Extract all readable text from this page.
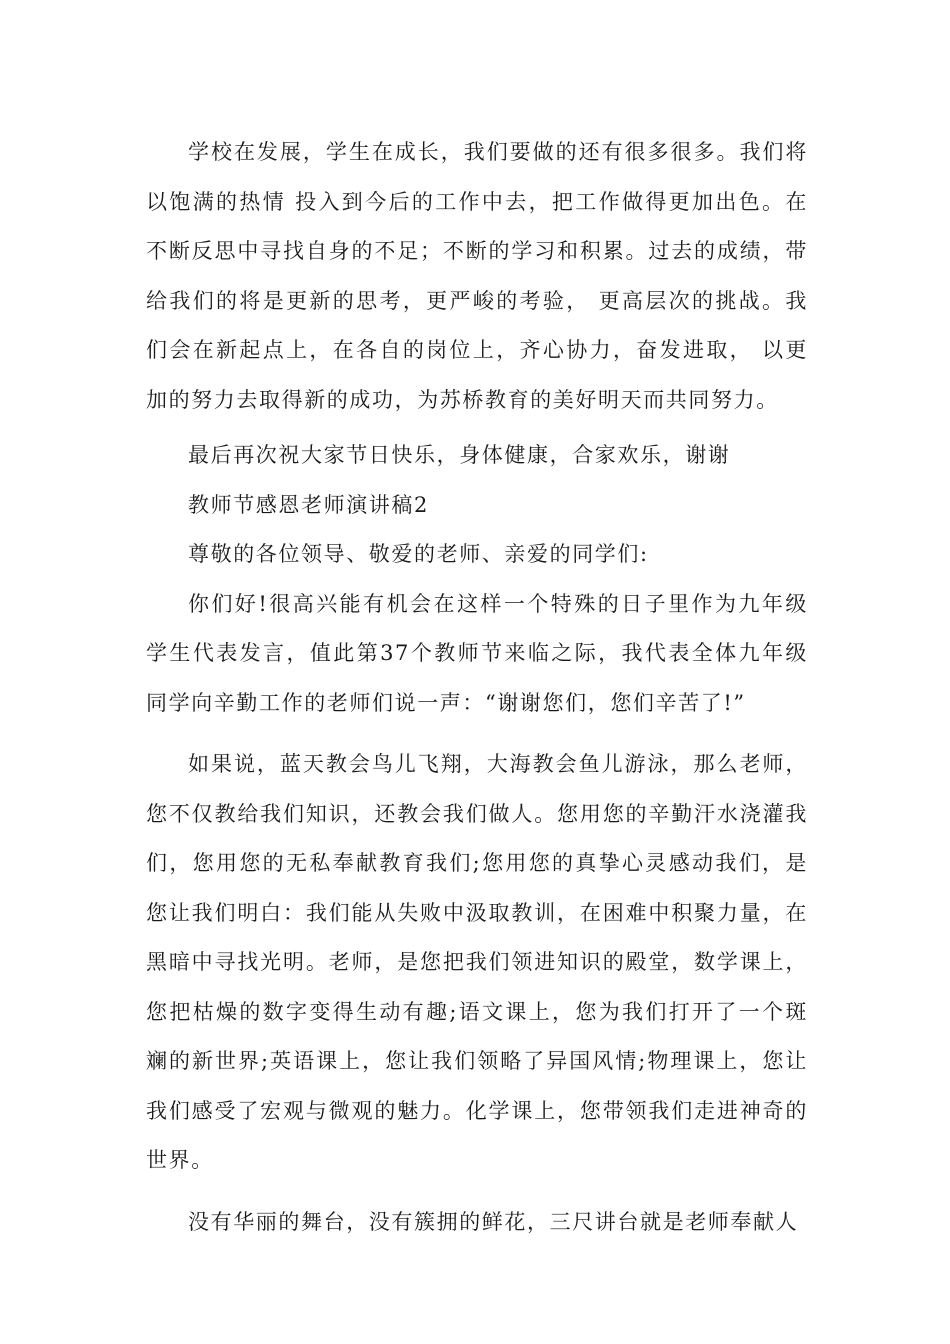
学校在发展，学生在成长，我们要做的还有很多很多。我们将以饱满的热情 投入到今后的工作中去，把工作做得更加出色。在不断反思中寻找自身的不足；不断的学习和积累。过去的成绩，带给我们的将是更新的思考，更严峻的考验， 更高层次的挑战。我们会在新起点上，在各自的岗位上，齐心协力，奋发进取， 以更加的努力去取得新的成功，为苏桥教育的美好明天而共同努力。

最后再次祝大家节日快乐，身体健康，合家欢乐，谢谢

教师节感恩老师演讲稿2

尊敬的各位领导、敬爱的老师、亲爱的同学们:

你们好!很高兴能有机会在这样一个特殊的日子里作为九年级学生代表发言，值此第37个教师节来临之际，我代表全体九年级同学向辛勤工作的老师们说一声：“谢谢您们，您们辛苦了!”

如果说，蓝天教会鸟儿飞翔，大海教会鱼儿游泳，那么老师，您不仅教给我们知识，还教会我们做人。您用您的辛勤汗水浇灌我们，您用您的无私奉献教育我们;您用您的真挚心灵感动我们，是您让我们明白：我们能从失败中汲取教训，在困难中积聚力量，在黑暗中寻找光明。老师，是您把我们领进知识的殿堂，数学课上，您把枯燥的数字变得生动有趣;语文课上，您为我们打开了一个斑斓的新世界;英语课上，您让我们领略了异国风情;物理课上，您让我们感受了宏观与微观的魅力。化学课上，您带领我们走进神奇的世界。

没有华丽的舞台，没有簇拥的鲜花，三尺讲台就是老师奉献人
